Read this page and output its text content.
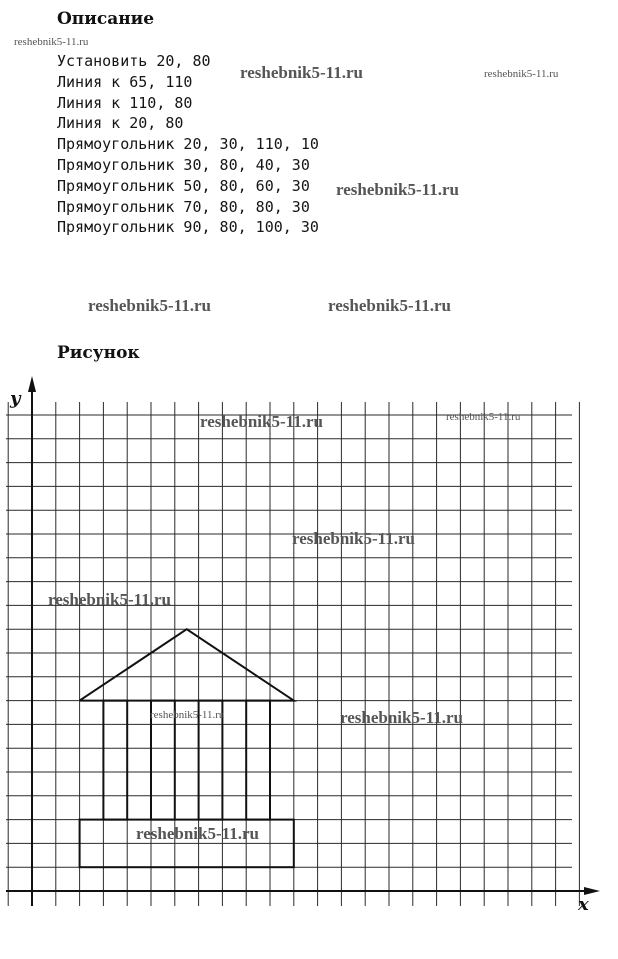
Описание
reshebnik5-11.ru
Установить 20, 80
Линия к 65, 110
Линия к 110, 80
Линия к 20, 80
Прямоугольник 20, 30, 110, 10
Прямоугольник 30, 80, 40, 30
Прямоугольник 50, 80, 60, 30
Прямоугольник 70, 80, 80, 30
Прямоугольник 90, 80, 100, 30
reshebnik5-11.ru	reshebnik5-11.ru
reshebnik5-11.ru
reshebnik5-11.ru	reshebnik5-11.ru
Рисунок
x
y
reshebnik5-11.ru	reshebnik5-11.ru
reshebnik5-11.ru
reshebnik5-11.ru
reshebnik5-11.ru	reshebnik5-11.ru
reshebnik5-11.ru
